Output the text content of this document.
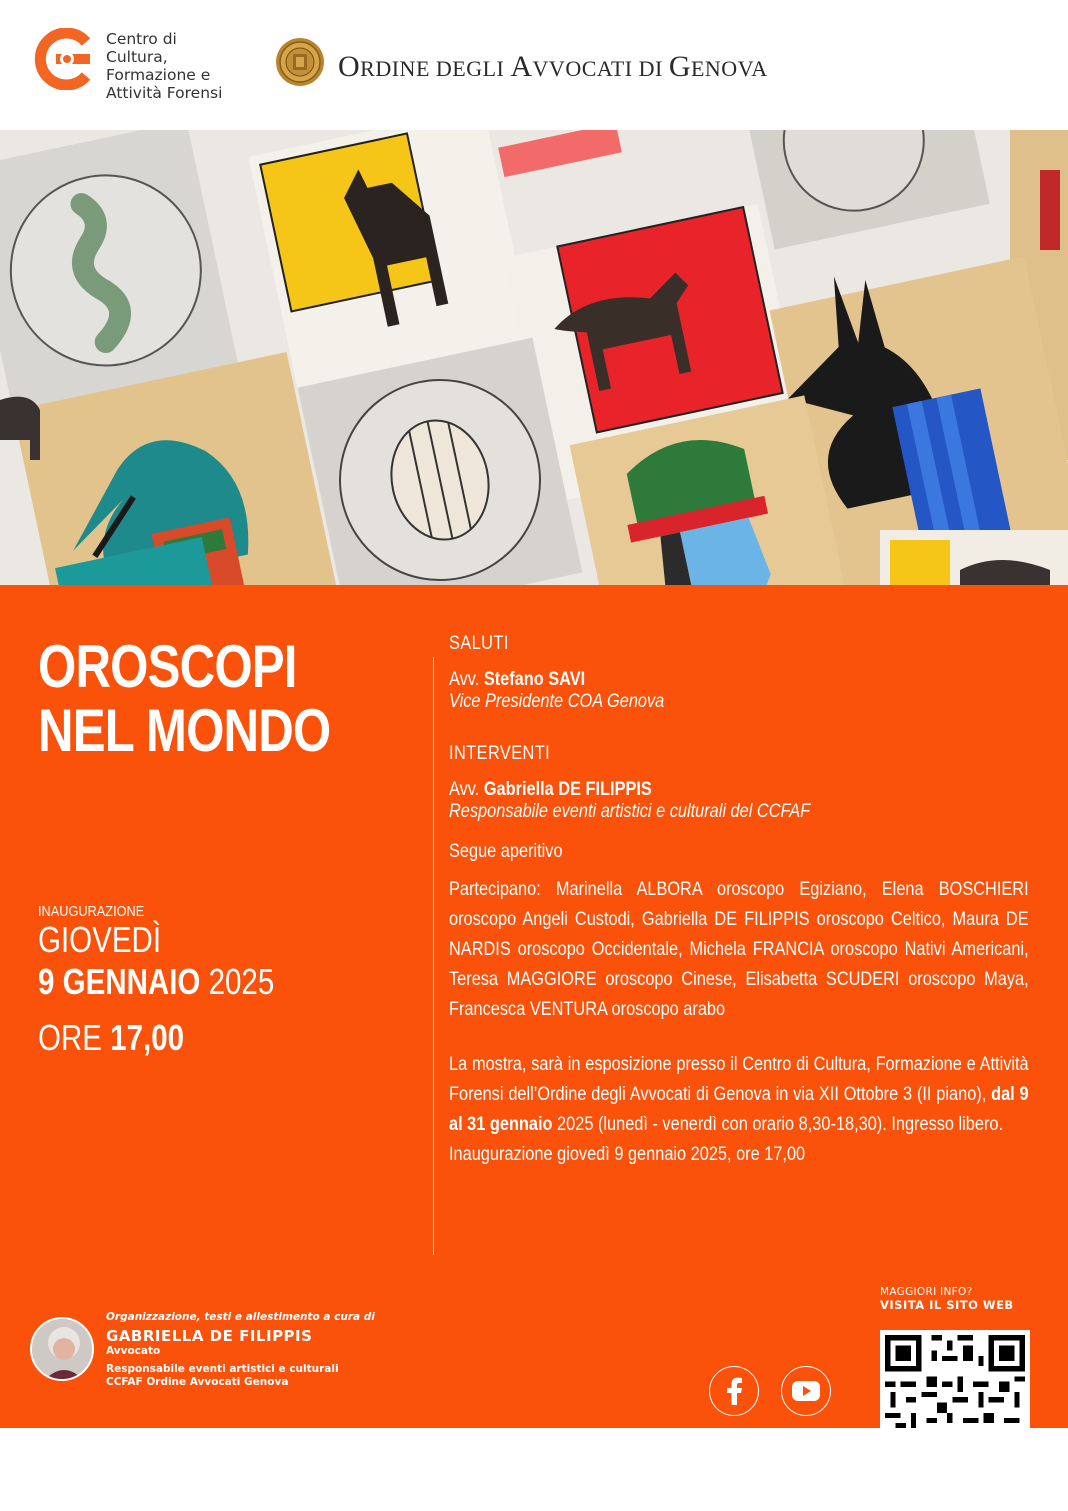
Centro di
Cultura,
Formazione e
Attività Forensi
ORDINE DEGLI AVVOCATI DI GENOVA
OROSCOPI
NEL MONDO
INAUGURAZIONE
GIOVEDÌ
9 GENNAIO 2025
ORE 17,00
SALUTI
Avv. Stefano SAVI
Vice Presidente COA Genova
INTERVENTI
Avv. Gabriella DE FILIPPIS
Responsabile eventi artistici e culturali del CCFAF
Segue aperitivo
Partecipano: Marinella ALBORA oroscopo Egiziano, Elena BOSCHIERI oroscopo Angeli Custodi, Gabriella DE FILIPPIS oroscopo Celtico, Maura DE NARDIS oroscopo Occidentale, Michela FRANCIA oroscopo Nativi Americani, Teresa MAGGIORE oroscopo Cinese, Elisabetta SCUDERI oroscopo Maya, Francesca VENTURA oroscopo arabo
La mostra, sarà in esposizione presso il Centro di Cultura, Formazione e Attività Forensi dell’Ordine degli Avvocati di Genova in via XII Ottobre 3 (II piano), dal 9 al 31 gennaio 2025 (lunedì - venerdì con orario 8,30-18,30). Ingresso libero.
Inaugurazione giovedì 9 gennaio 2025, ore 17,00
Organizzazione, testi e allestimento a cura di
GABRIELLA DE FILIPPIS
Avvocato
Responsabile eventi artistici e culturali
CCFAF Ordine Avvocati Genova
MAGGIORI INFO?
VISITA IL SITO WEB
